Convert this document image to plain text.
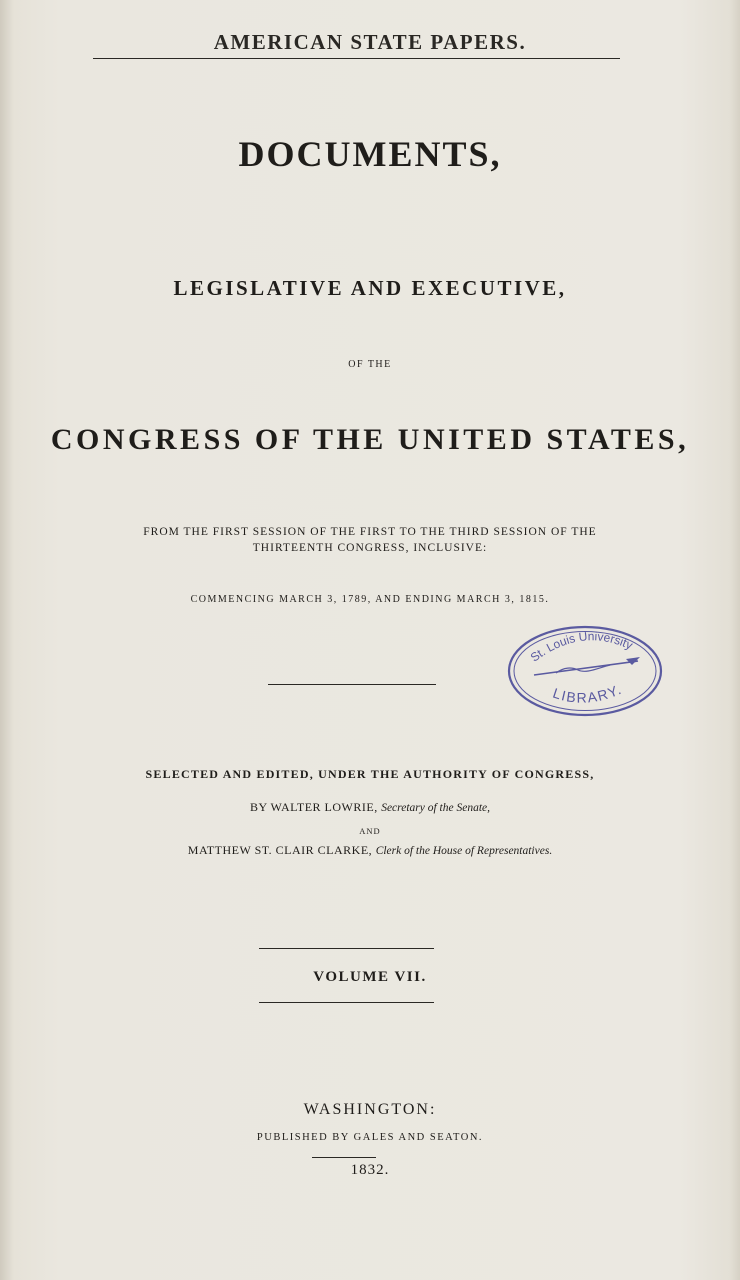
AMERICAN STATE PAPERS.
DOCUMENTS,
LEGISLATIVE AND EXECUTIVE,
OF THE
CONGRESS OF THE UNITED STATES,
FROM THE FIRST SESSION OF THE FIRST TO THE THIRD SESSION OF THE
THIRTEENTH CONGRESS, INCLUSIVE:
COMMENCING MARCH 3, 1789, AND ENDING MARCH 3, 1815.
St. Louis University
LIBRARY.
SELECTED AND EDITED, UNDER THE AUTHORITY OF CONGRESS,
BY WALTER LOWRIE, Secretary of the Senate,
AND
MATTHEW ST. CLAIR CLARKE, Clerk of the House of Representatives.
VOLUME VII.
WASHINGTON:
PUBLISHED BY GALES AND SEATON.
1832.
